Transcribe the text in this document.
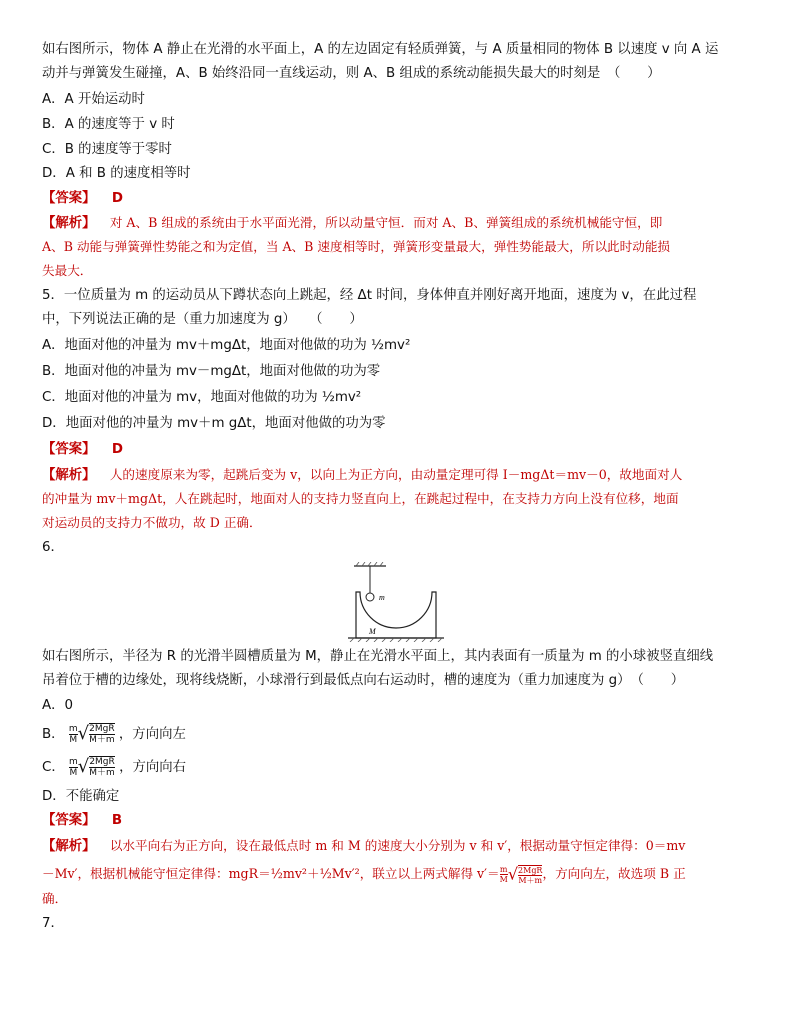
如右图所示，物体 A 静止在光滑的水平面上，A 的左边固定有轻质弹簧，与 A 质量相同的物体 B 以速度 v 向 A 运
动并与弹簧发生碰撞，A、B 始终沿同一直线运动，则 A、B 组成的系统动能损失最大的时刻是　（　　）
A．A 开始运动时
B．A 的速度等于 v 时
C．B 的速度等于零时
D．A 和 B 的速度相等时
【答案】 D
【解析】 对 A、B 组成的系统由于水平面光滑，所以动量守恒．而对 A、B、弹簧组成的系统机械能守恒，即
A、B 动能与弹簧弹性势能之和为定值，当 A、B 速度相等时，弹簧形变量最大，弹性势能最大，所以此时动能损
失最大．
5．一位质量为 m 的运动员从下蹲状态向上跳起，经 Δt 时间，身体伸直并刚好离开地面，速度为 v，在此过程
中，下列说法正确的是（重力加速度为 g）　　（　　）
A．地面对他的冲量为 mv＋mgΔt，地面对他做的功为 ½mv²
B．地面对他的冲量为 mv－mgΔt，地面对他做的功为零
C．地面对他的冲量为 mv，地面对他做的功为 ½mv²
D．地面对他的冲量为 mv＋m gΔt，地面对他做的功为零
【答案】 D
【解析】 人的速度原来为零，起跳后变为 v，以向上为正方向，由动量定理可得 I－mgΔt＝mv－0，故地面对人
的冲量为 mv＋mgΔt，人在跳起时，地面对人的支持力竖直向上，在跳起过程中，在支持力方向上没有位移，地面
对运动员的支持力不做功，故 D 正确．
6．
m
M
如右图所示，半径为 R 的光滑半圆槽质量为 M，静止在光滑水平面上，其内表面有一质量为 m 的小球被竖直细线
吊着位于槽的边缘处，现将线烧断，小球滑行到最低点向右运动时，槽的速度为（重力加速度为 g）　（　　）
A．0
B． $\frac{m}{M}$ √ 2MgR
M＋m ，方向向左
C． $\frac{m}{M}$ √ 2MgR
M＋m ，方向向右
D．不能确定
【答案】 B
【解析】 以水平向右为正方向，设在最低点时 m 和 M 的速度大小分别为 v 和 v′，根据动量守恒定律得：0＝mv
－Mv′，根据机械能守恒定律得：mgR＝½mv²＋½Mv′²，联立以上两式解得 $v'= \frac{m}{M}$ √ 2MgR
M＋m ，方向向左，故选项 B 正
确．
7．
